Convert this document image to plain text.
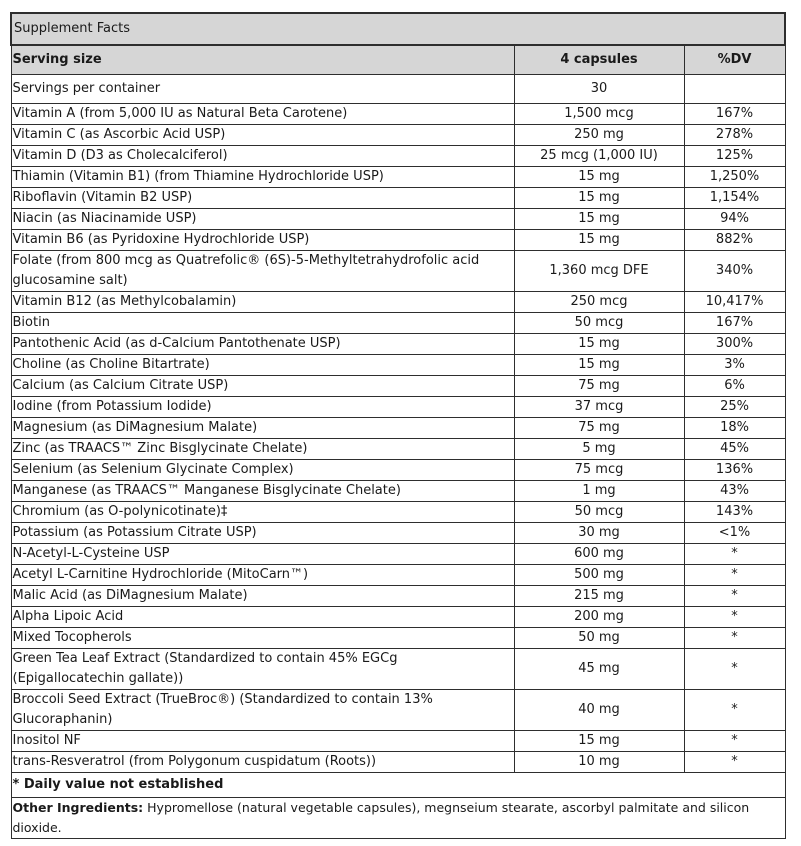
Supplement Facts		
Serving size	4 capsules	%DV
Servings per container	30	
Vitamin A (from 5,000 IU as Natural Beta Carotene)	1,500 mcg	167%
Vitamin C (as Ascorbic Acid USP)	250 mg	278%
Vitamin D (D3 as Cholecalciferol)	25 mcg (1,000 IU)	125%
Thiamin (Vitamin B1) (from Thiamine Hydrochloride USP)	15 mg	1,250%
Riboflavin (Vitamin B2 USP)	15 mg	1,154%
Niacin (as Niacinamide USP)	15 mg	94%
Vitamin B6 (as Pyridoxine Hydrochloride USP)	15 mg	882%
Folate (from 800 mcg as Quatrefolic® (6S)-5-Methyltetrahydrofolic acid glucosamine salt)	1,360 mcg DFE	340%
Vitamin B12 (as Methylcobalamin)	250 mcg	10,417%
Biotin	50 mcg	167%
Pantothenic Acid (as d-Calcium Pantothenate USP)	15 mg	300%
Choline (as Choline Bitartrate)	15 mg	3%
Calcium (as Calcium Citrate USP)	75 mg	6%
Iodine (from Potassium Iodide)	37 mcg	25%
Magnesium (as DiMagnesium Malate)	75 mg	18%
Zinc (as TRAACS™ Zinc Bisglycinate Chelate)	5 mg	45%
Selenium (as Selenium Glycinate Complex)	75 mcg	136%
Manganese (as TRAACS™ Manganese Bisglycinate Chelate)	1 mg	43%
Chromium (as O-polynicotinate)‡	50 mcg	143%
Potassium (as Potassium Citrate USP)	30 mg	<1%
N-Acetyl-L-Cysteine USP	600 mg	*
Acetyl L-Carnitine Hydrochloride (MitoCarn™)	500 mg	*
Malic Acid (as DiMagnesium Malate)	215 mg	*
Alpha Lipoic Acid	200 mg	*
Mixed Tocopherols	50 mg	*
Green Tea Leaf Extract (Standardized to contain 45% EGCg (Epigallocatechin gallate))	45 mg	*
Broccoli Seed Extract (TrueBroc®) (Standardized to contain 13% Glucoraphanin)	40 mg	*
Inositol NF	15 mg	*
trans-Resveratrol (from Polygonum cuspidatum (Roots))	10 mg	*
* Daily value not established		
Other Ingredients: Hypromellose (natural vegetable capsules), megnseium stearate, ascorbyl palmitate and silicon dioxide.		
